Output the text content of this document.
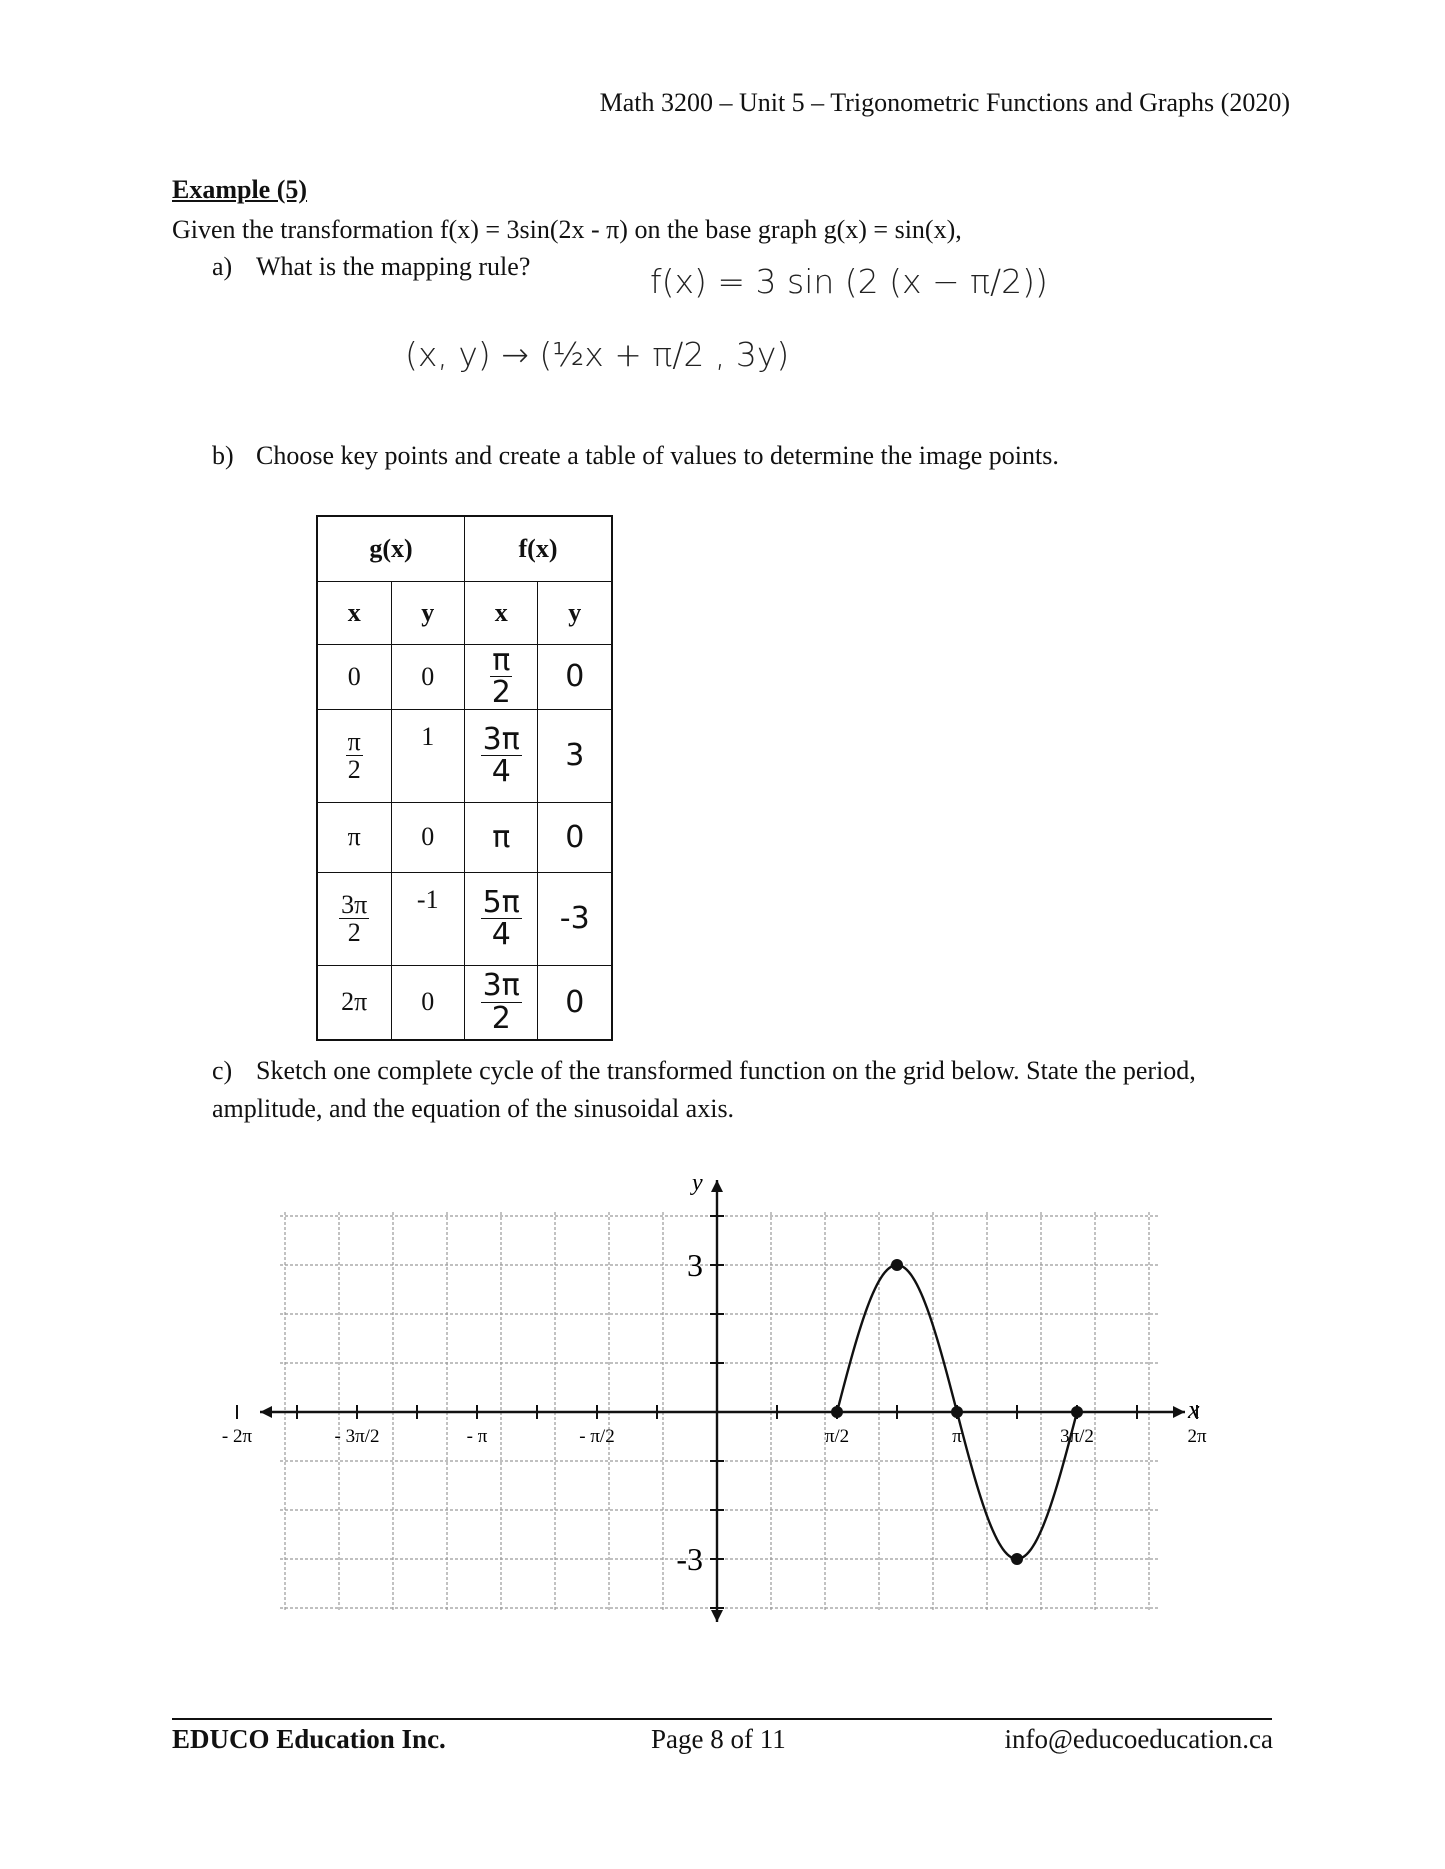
Math 3200 – Unit 5 – Trigonometric Functions and Graphs (2020)
Example (5)
Given the transformation f(x) = 3sin(2x - π) on the base graph g(x) = sin(x),
a) What is the mapping rule?	f(x) = 3 sin (2 (x − π/2))
(x, y) → (½x + π/2 , 3y)
b) Choose key points and create a table of values to determine the image points.
g(x)		f(x)	
x	y	x	y
0	0	$\frac{\pi}{2}$	0

$\frac{\pi}{2}$	1	$\frac{3\pi}{4}$	3
π	0	π	0

$\frac{3\pi}{2}$	-1	$\frac{5\pi}{4}$	-3
2π	0	$\frac{3\pi}{2}$	0
c) Sketch one complete cycle of the transformed function on the grid below. State the period, amplitude, and the equation of the sinusoidal axis.
x
y
- 2π	- 3π/2	- π	- π/2	π/2	π	3π/2	2π
3
-3
EDUCO Education Inc.	Page 8 of 11	info@educoeducation.ca
